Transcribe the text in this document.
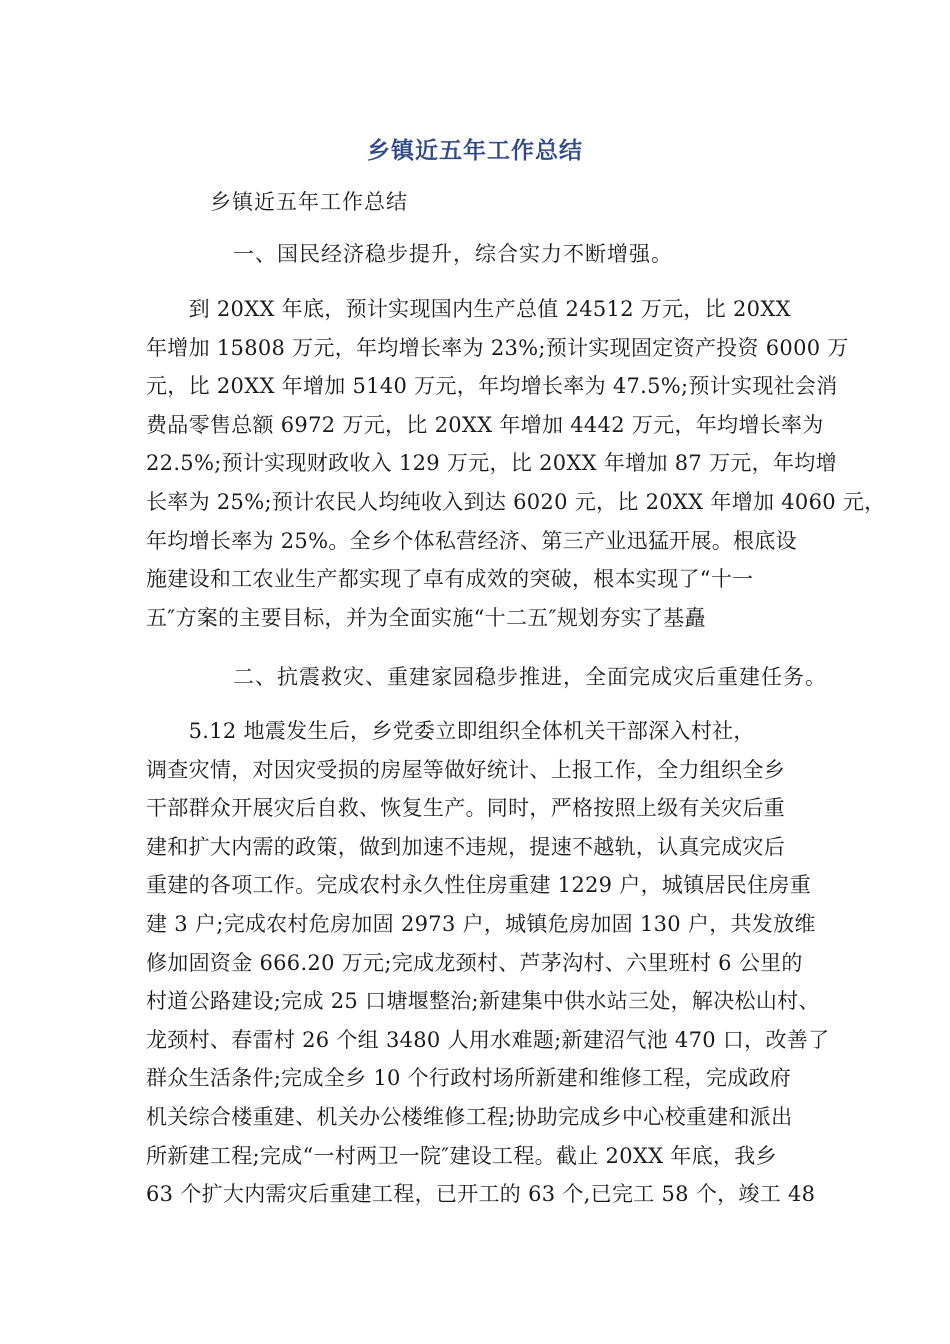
乡镇近五年工作总结
乡镇近五年工作总结
一、国民经济稳步提升，综合实力不断增强。
　　到 20XX 年底，预计实现国内生产总值 24512 万元，比 20XX
年增加 15808 万元，年均增长率为 23%;预计实现固定资产投资 6000 万
元，比 20XX 年增加 5140 万元，年均增长率为 47.5%;预计实现社会消
费品零售总额 6972 万元，比 20XX 年增加 4442 万元，年均增长率为
22.5%;预计实现财政收入 129 万元，比 20XX 年增加 87 万元，年均增
长率为 25%;预计农民人均纯收入到达 6020 元，比 20XX 年增加 4060 元，
年均增长率为 25%。全乡个体私营经济、第三产业迅猛开展。根底设
施建设和工农业生产都实现了卓有成效的突破，根本实现了“十一
五″方案的主要目标，并为全面实施“十二五″规划夯实了基矗
二、抗震救灾、重建家园稳步推进，全面完成灾后重建任务。
　　5.12 地震发生后，乡党委立即组织全体机关干部深入村社，
调查灾情，对因灾受损的房屋等做好统计、上报工作，全力组织全乡
干部群众开展灾后自救、恢复生产。同时，严格按照上级有关灾后重
建和扩大内需的政策，做到加速不违规，提速不越轨，认真完成灾后
重建的各项工作。完成农村永久性住房重建 1229 户，城镇居民住房重
建 3 户;完成农村危房加固 2973 户，城镇危房加固 130 户，共发放维
修加固资金 666.20 万元;完成龙颈村、芦茅沟村、六里班村 6 公里的
村道公路建设;完成 25 口塘堰整治;新建集中供水站三处，解决松山村、
龙颈村、春雷村 26 个组 3480 人用水难题;新建沼气池 470 口，改善了
群众生活条件;完成全乡 10 个行政村场所新建和维修工程，完成政府
机关综合楼重建、机关办公楼维修工程;协助完成乡中心校重建和派出
所新建工程;完成“一村两卫一院″建设工程。截止 20XX 年底，我乡
63 个扩大内需灾后重建工程，已开工的 63 个,已完工 58 个，竣工 48
